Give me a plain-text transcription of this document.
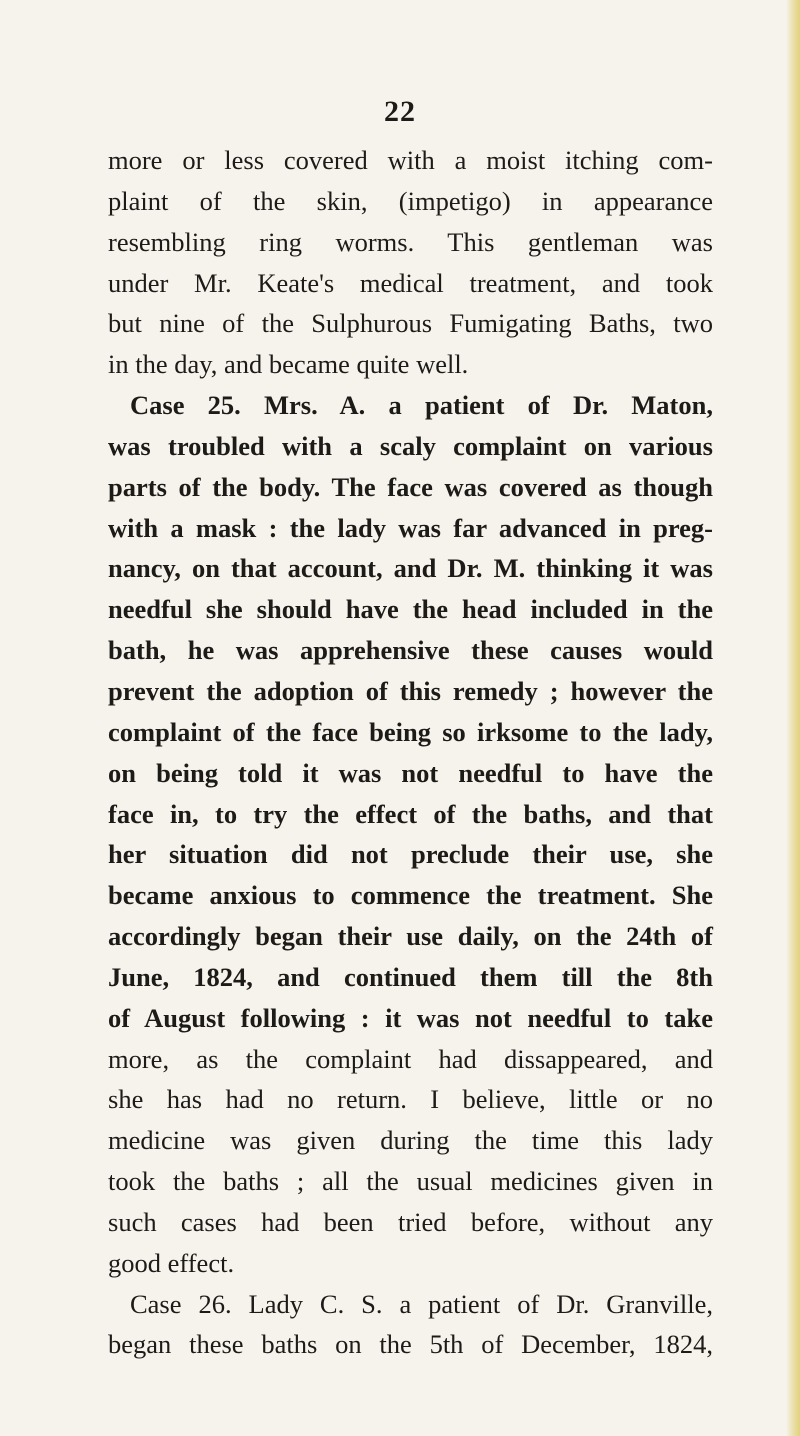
22
more or less covered with a moist itching com-
plaint of the skin, (impetigo) in appearance
resembling ring worms. This gentleman was
under Mr. Keate's medical treatment, and took
but nine of the Sulphurous Fumigating Baths, two
in the day, and became quite well.
Case 25. Mrs. A. a patient of Dr. Maton,
was troubled with a scaly complaint on various
parts of the body. The face was covered as though
with a mask : the lady was far advanced in preg-
nancy, on that account, and Dr. M. thinking it was
needful she should have the head included in the
bath, he was apprehensive these causes would
prevent the adoption of this remedy ; however the
complaint of the face being so irksome to the lady,
on being told it was not needful to have the
face in, to try the effect of the baths, and that
her situation did not preclude their use, she
became anxious to commence the treatment. She
accordingly began their use daily, on the 24th of
June, 1824, and continued them till the 8th
of August following : it was not needful to take
more, as the complaint had dissappeared, and
she has had no return. I believe, little or no
medicine was given during the time this lady
took the baths ; all the usual medicines given in
such cases had been tried before, without any
good effect.
Case 26. Lady C. S. a patient of Dr. Granville,
began these baths on the 5th of December, 1824,
